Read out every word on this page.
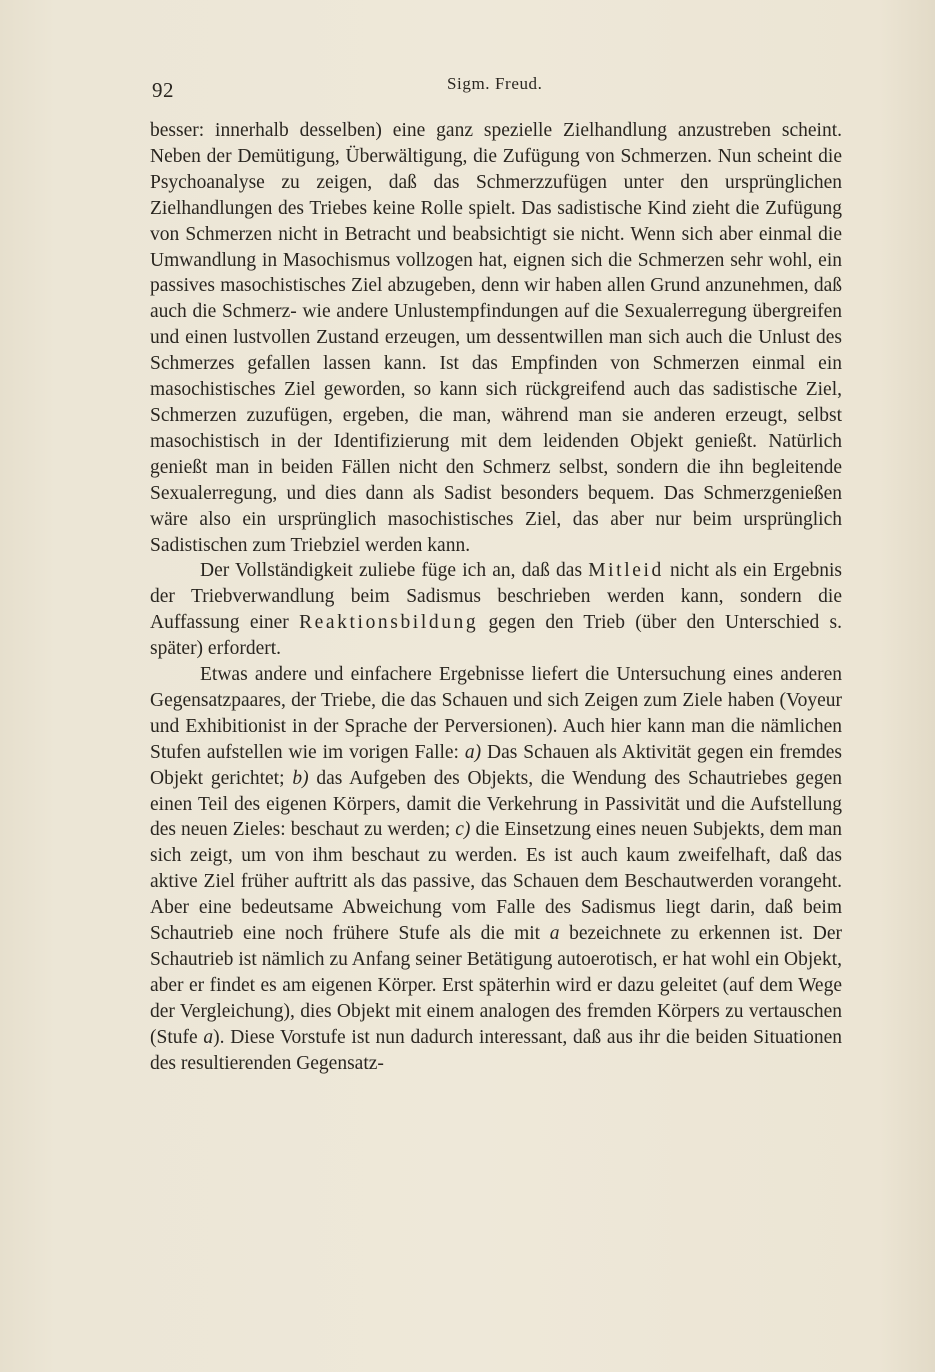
92	Sigm. Freud.

besser: innerhalb desselben) eine ganz spezielle Zielhandlung anzustreben scheint. Neben der Demütigung, Überwältigung, die Zufügung von Schmerzen. Nun scheint die Psychoanalyse zu zeigen, daß das Schmerzzufügen unter den ursprünglichen Zielhandlungen des Triebes keine Rolle spielt. Das sadistische Kind zieht die Zufügung von Schmerzen nicht in Betracht und beabsichtigt sie nicht. Wenn sich aber einmal die Umwandlung in Masochismus vollzogen hat, eignen sich die Schmerzen sehr wohl, ein passives masochistisches Ziel abzugeben, denn wir haben allen Grund anzunehmen, daß auch die Schmerz- wie andere Unlustempfindungen auf die Sexualerregung übergreifen und einen lustvollen Zustand erzeugen, um dessentwillen man sich auch die Unlust des Schmerzes gefallen lassen kann. Ist das Empfinden von Schmerzen einmal ein masochistisches Ziel geworden, so kann sich rückgreifend auch das sadistische Ziel, Schmerzen zuzufügen, ergeben, die man, während man sie anderen erzeugt, selbst masochistisch in der Identifizierung mit dem leidenden Objekt genießt. Natürlich genießt man in beiden Fällen nicht den Schmerz selbst, sondern die ihn begleitende Sexualerregung, und dies dann als Sadist besonders bequem. Das Schmerzgenießen wäre also ein ursprünglich masochistisches Ziel, das aber nur beim ursprünglich Sadistischen zum Triebziel werden kann.

Der Vollständigkeit zuliebe füge ich an, daß das Mitleid nicht als ein Ergebnis der Triebverwandlung beim Sadismus beschrieben werden kann, sondern die Auffassung einer Reaktionsbildung gegen den Trieb (über den Unterschied s. später) erfordert.

Etwas andere und einfachere Ergebnisse liefert die Untersuchung eines anderen Gegensatzpaares, der Triebe, die das Schauen und sich Zeigen zum Ziele haben (Voyeur und Exhibitionist in der Sprache der Perversionen). Auch hier kann man die nämlichen Stufen aufstellen wie im vorigen Falle: a) Das Schauen als Aktivität gegen ein fremdes Objekt gerichtet; b) das Aufgeben des Objekts, die Wendung des Schautriebes gegen einen Teil des eigenen Körpers, damit die Verkehrung in Passivität und die Aufstellung des neuen Zieles: beschaut zu werden; c) die Einsetzung eines neuen Subjekts, dem man sich zeigt, um von ihm beschaut zu werden. Es ist auch kaum zweifelhaft, daß das aktive Ziel früher auftritt als das passive, das Schauen dem Beschautwerden vorangeht. Aber eine bedeutsame Abweichung vom Falle des Sadismus liegt darin, daß beim Schautrieb eine noch frühere Stufe als die mit a bezeichnete zu erkennen ist. Der Schautrieb ist nämlich zu Anfang seiner Betätigung autoerotisch, er hat wohl ein Objekt, aber er findet es am eigenen Körper. Erst späterhin wird er dazu geleitet (auf dem Wege der Vergleichung), dies Objekt mit einem analogen des fremden Körpers zu vertauschen (Stufe a). Diese Vorstufe ist nun dadurch interessant, daß aus ihr die beiden Situationen des resultierenden Gegensatz-
